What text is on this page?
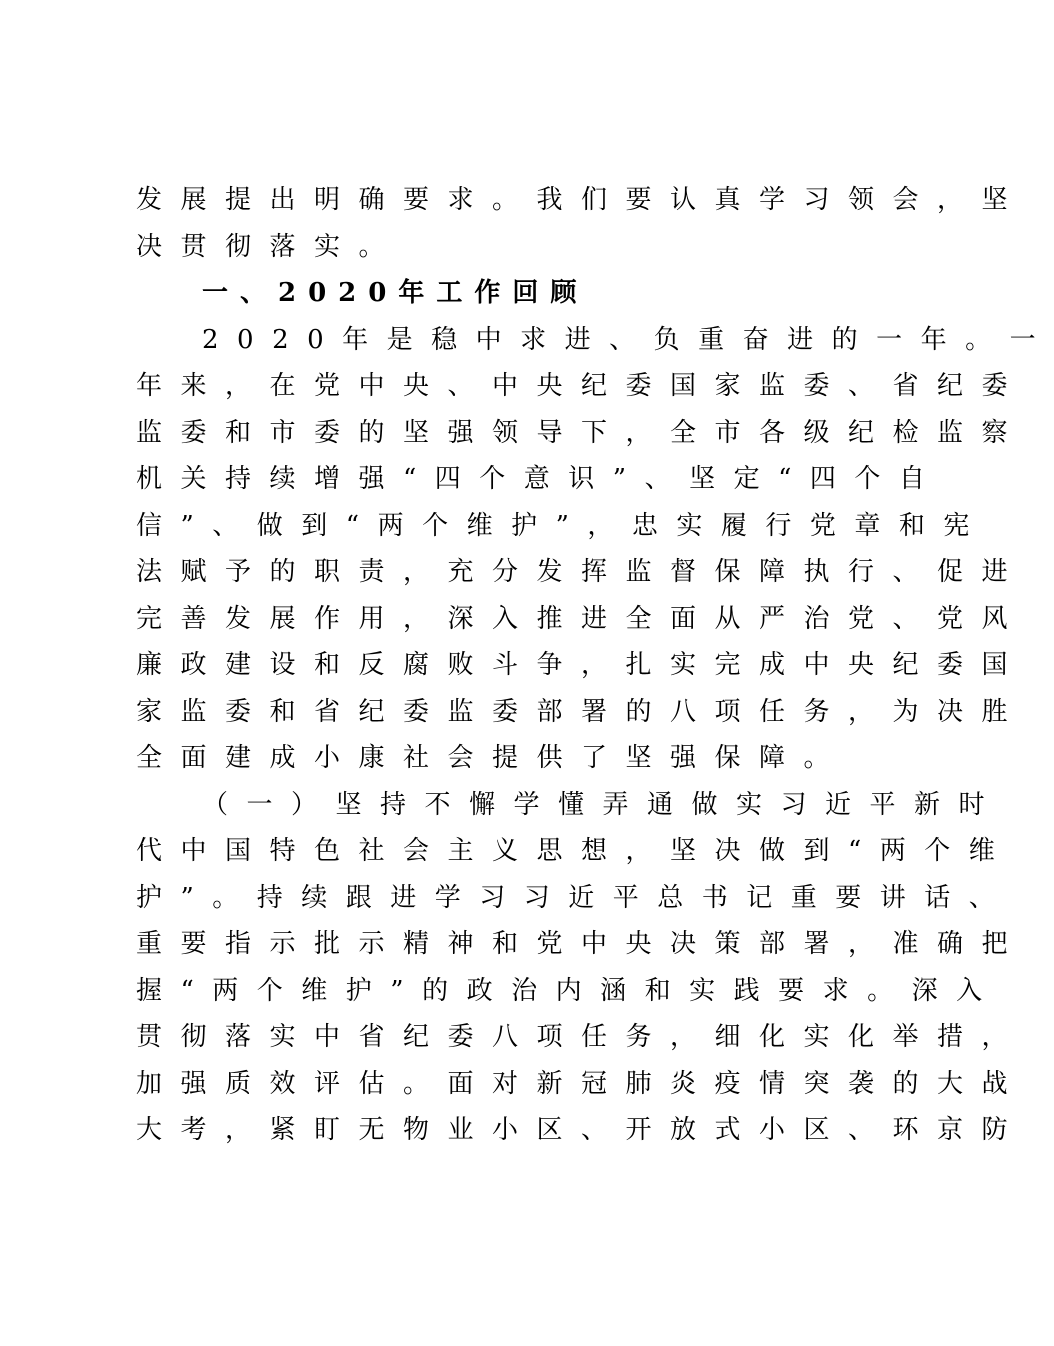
发展提出明确要求。我们要认真学习领会，坚
决贯彻落实。
一、2020年工作回顾
2020年是稳中求进、负重奋进的一年。一
年来，在党中央、中央纪委国家监委、省纪委
监委和市委的坚强领导下，全市各级纪检监察
机关持续增强“四个意识”、坚定“四个自
信”、做到“两个维护”，忠实履行党章和宪
法赋予的职责，充分发挥监督保障执行、促进
完善发展作用，深入推进全面从严治党、党风
廉政建设和反腐败斗争，扎实完成中央纪委国
家监委和省纪委监委部署的八项任务，为决胜
全面建成小康社会提供了坚强保障。
（一）坚持不懈学懂弄通做实习近平新时
代中国特色社会主义思想，坚决做到“两个维
护”。持续跟进学习习近平总书记重要讲话、
重要指示批示精神和党中央决策部署，准确把
握“两个维护”的政治内涵和实践要求。深入
贯彻落实中省纪委八项任务，细化实化举措，
加强质效评估。面对新冠肺炎疫情突袭的大战
大考，紧盯无物业小区、开放式小区、环京防
